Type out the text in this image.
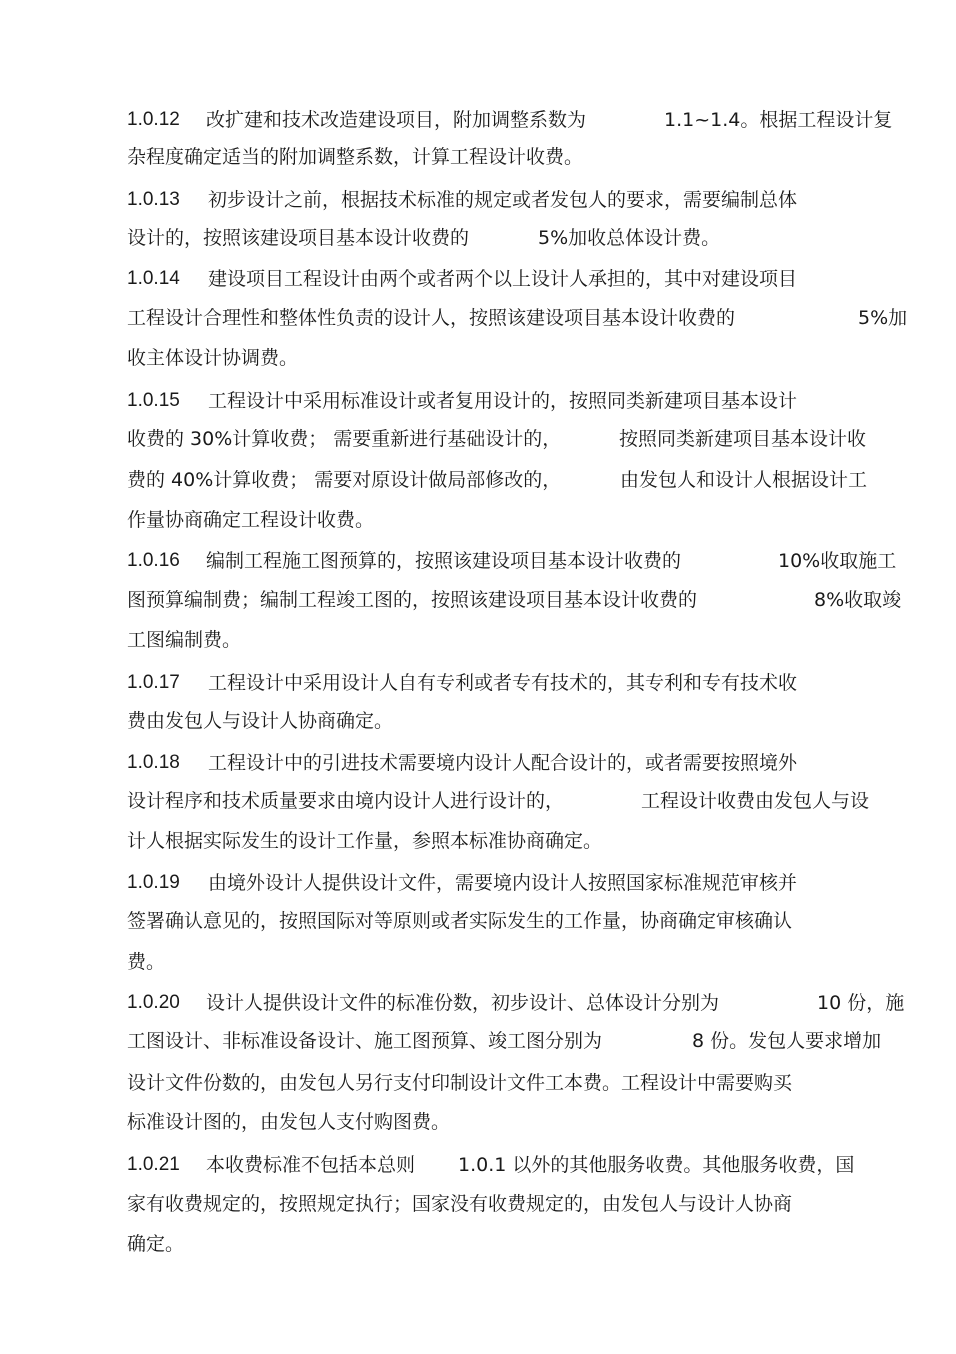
1.0.12 改扩建和技术改造建设项目，附加调整系数为	1.1~1.4。根据工程设计复
杂程度确定适当的附加调整系数，计算工程设计收费。
1.0.13 初步设计之前，根据技术标准的规定或者发包人的要求，需要编制总体
设计的，按照该建设项目基本设计收费的	5%加收总体设计费。
1.0.14 建设项目工程设计由两个或者两个以上设计人承担的，其中对建设项目
工程设计合理性和整体性负责的设计人，按照该建设项目基本设计收费的	5%加
收主体设计协调费。
1.0.15 工程设计中采用标准设计或者复用设计的，按照同类新建项目基本设计
收费的 30%计算收费； 需要重新进行基础设计的，	按照同类新建项目基本设计收
费的 40%计算收费； 需要对原设计做局部修改的，	由发包人和设计人根据设计工
作量协商确定工程设计收费。
1.0.16 编制工程施工图预算的，按照该建设项目基本设计收费的	10%收取施工
图预算编制费；编制工程竣工图的，按照该建设项目基本设计收费的	8%收取竣
工图编制费。
1.0.17 工程设计中采用设计人自有专利或者专有技术的，其专利和专有技术收
费由发包人与设计人协商确定。
1.0.18 工程设计中的引进技术需要境内设计人配合设计的，或者需要按照境外
设计程序和技术质量要求由境内设计人进行设计的，	工程设计收费由发包人与设
计人根据实际发生的设计工作量，参照本标准协商确定。
1.0.19 由境外设计人提供设计文件，需要境内设计人按照国家标准规范审核并
签署确认意见的，按照国际对等原则或者实际发生的工作量，协商确定审核确认
费。
1.0.20 设计人提供设计文件的标准份数，初步设计、总体设计分别为	10 份，施
工图设计、非标准设备设计、施工图预算、竣工图分别为	8 份。发包人要求增加
设计文件份数的，由发包人另行支付印制设计文件工本费。工程设计中需要购买
标准设计图的，由发包人支付购图费。
1.0.21 本收费标准不包括本总则 1.0.1 以外的其他服务收费。其他服务收费，国
家有收费规定的，按照规定执行；国家没有收费规定的，由发包人与设计人协商
确定。
